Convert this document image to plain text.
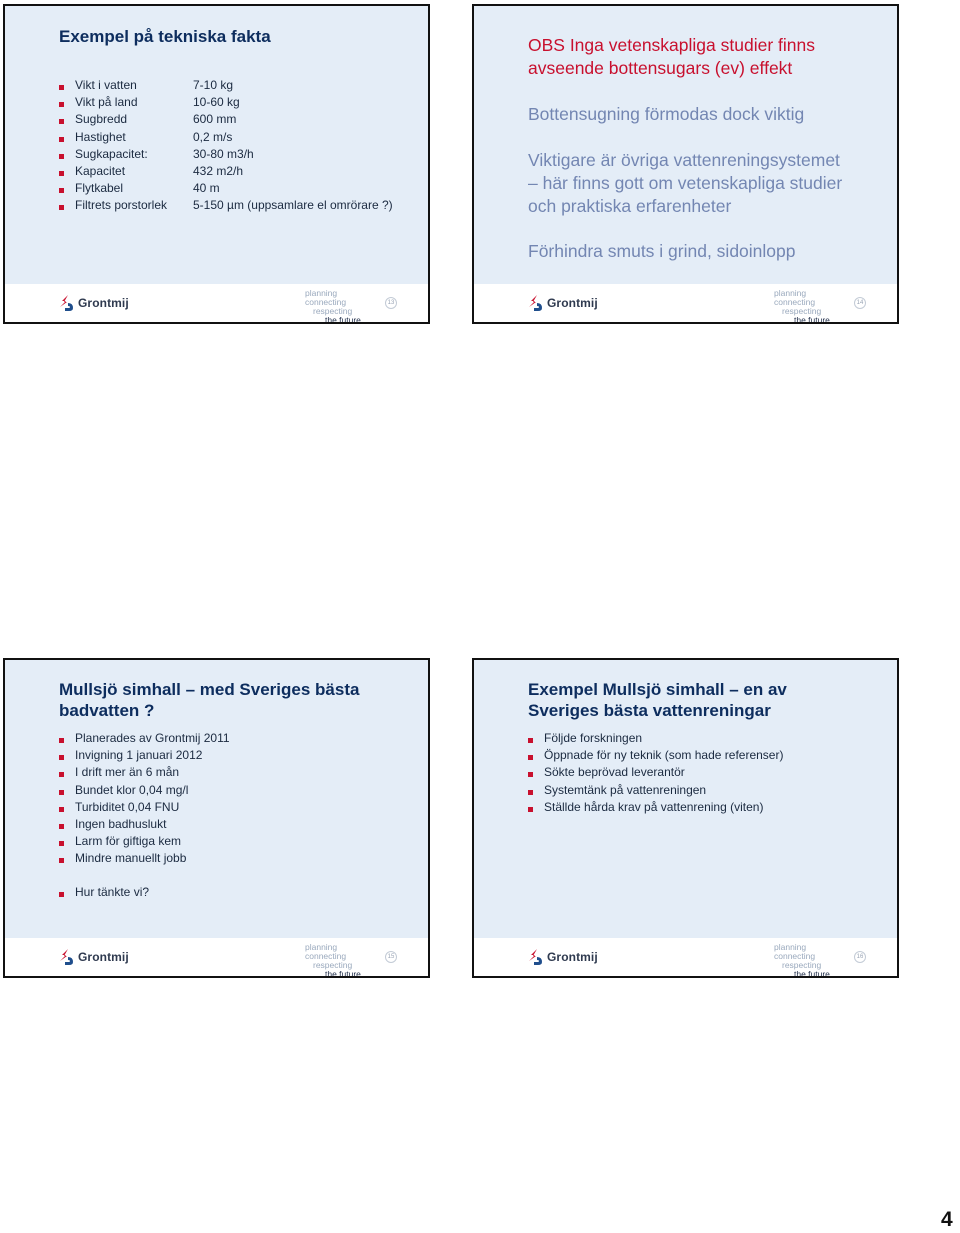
Exempel på tekniska fakta
Vikt i vatten	7-10 kg
Vikt på land	10-60 kg
Sugbredd	600 mm
Hastighet	0,2 m/s
Sugkapacitet:	30-80 m3/h
Kapacitet	432 m2/h
Flytkabel	40 m
Filtrets porstorlek 5-150 µm (uppsamlare el omrörare ?)
Grontmij
planning connecting
respecting
the future
13

OBS Inga vetenskapliga studier finns
avseende bottensugars (ev) effekt

Bottensugning förmodas dock viktig

Viktigare är övriga vattenreningsystemet
– här finns gott om vetenskapliga studier
och praktiska erfarenheter

Förhindra smuts i grind, sidoinlopp

Grontmij
planning connecting
respecting
the future
14
Mullsjö simhall – med Sveriges bästa
badvatten ?
Planerades av Grontmij 2011
Invigning 1 januari 2012
I drift mer än 6 mån
Bundet klor 0,04 mg/l
Turbiditet 0,04 FNU
Ingen badhuslukt
Larm för giftiga kem
Mindre manuellt jobb
Hur tänkte vi?
Grontmij
planning connecting
respecting
the future
15
Exempel Mullsjö simhall – en av
Sveriges bästa vattenreningar
Följde forskningen
Öppnade för ny teknik (som hade referenser)
Sökte beprövad leverantör
Systemtänk på vattenreningen
Ställde hårda krav på vattenrening (viten)
Grontmij
planning connecting
respecting
the future
16
4
